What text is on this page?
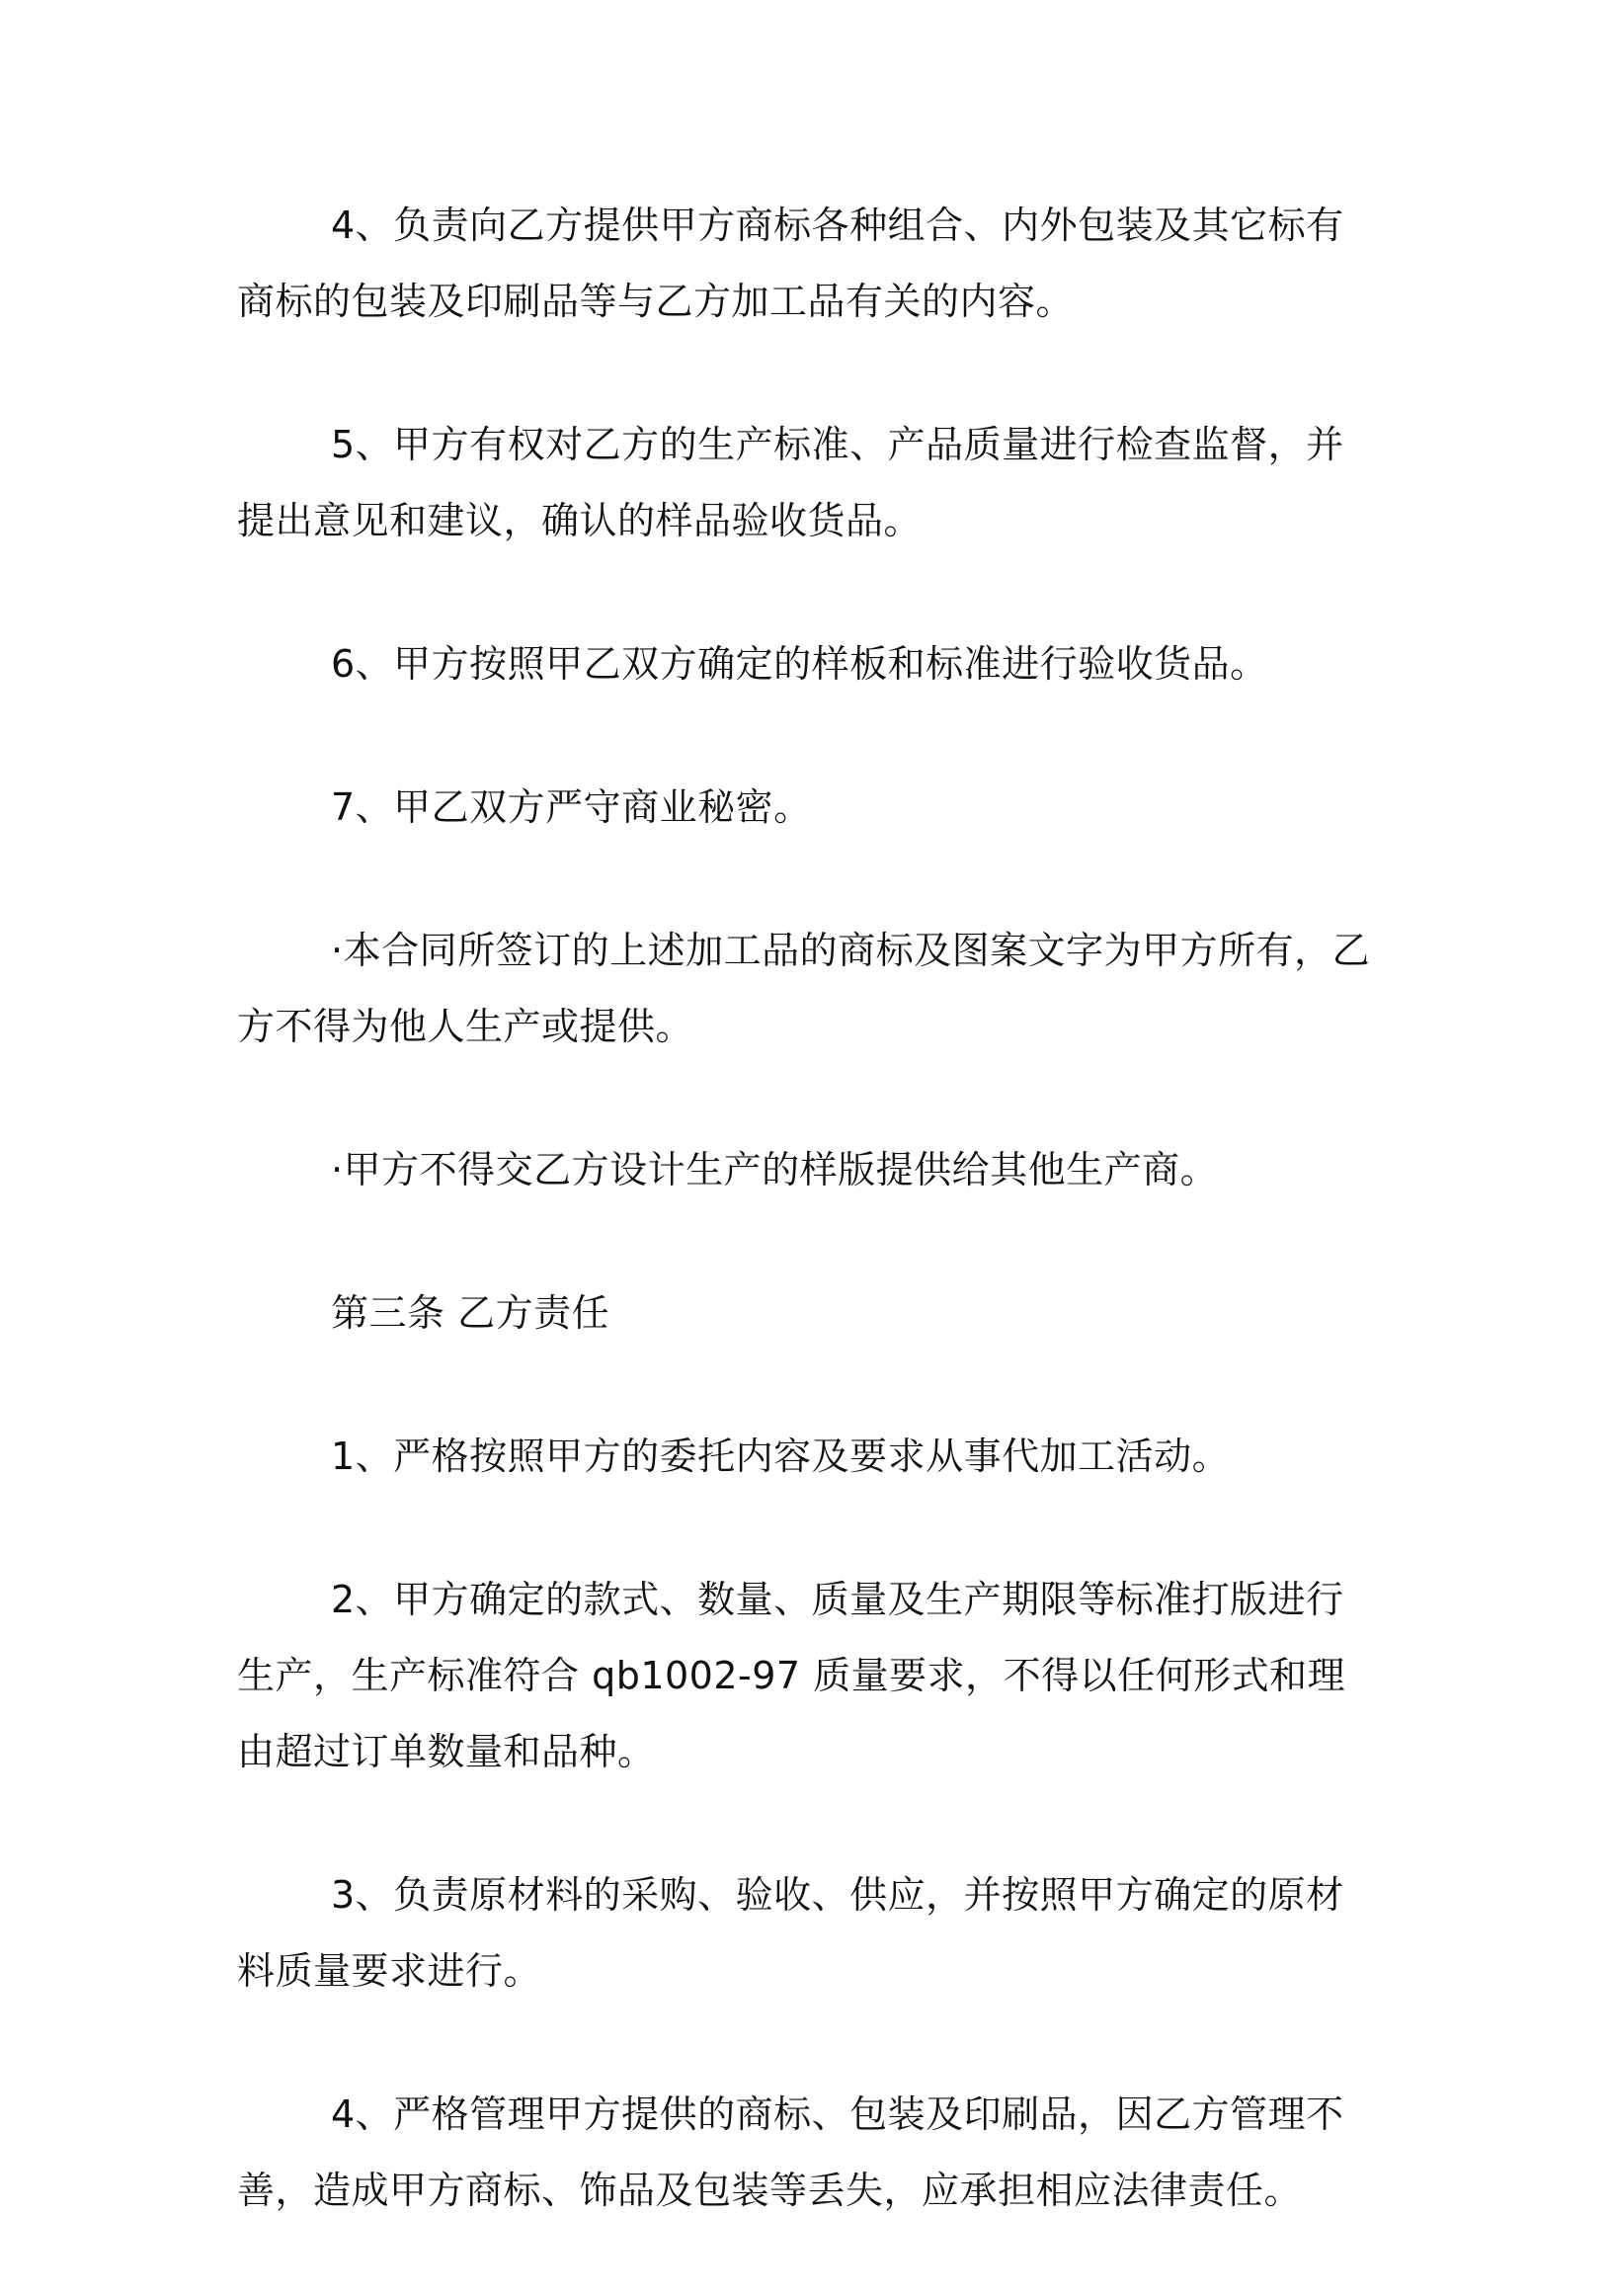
4、负责向乙方提供甲方商标各种组合、内外包装及其它标有商标的包装及印刷品等与乙方加工品有关的内容。

5、甲方有权对乙方的生产标准、产品质量进行检查监督，并提出意见和建议，确认的样品验收货品。

6、甲方按照甲乙双方确定的样板和标准进行验收货品。

7、甲乙双方严守商业秘密。

·本合同所签订的上述加工品的商标及图案文字为甲方所有，乙方不得为他人生产或提供。

·甲方不得交乙方设计生产的样版提供给其他生产商。

第三条 乙方责任

1、严格按照甲方的委托内容及要求从事代加工活动。

2、甲方确定的款式、数量、质量及生产期限等标准打版进行生产，生产标准符合 qb1002-97 质量要求，不得以任何形式和理由超过订单数量和品种。

3、负责原材料的采购、验收、供应，并按照甲方确定的原材料质量要求进行。

4、严格管理甲方提供的商标、包装及印刷品，因乙方管理不善，造成甲方商标、饰品及包装等丢失，应承担相应法律责任。
